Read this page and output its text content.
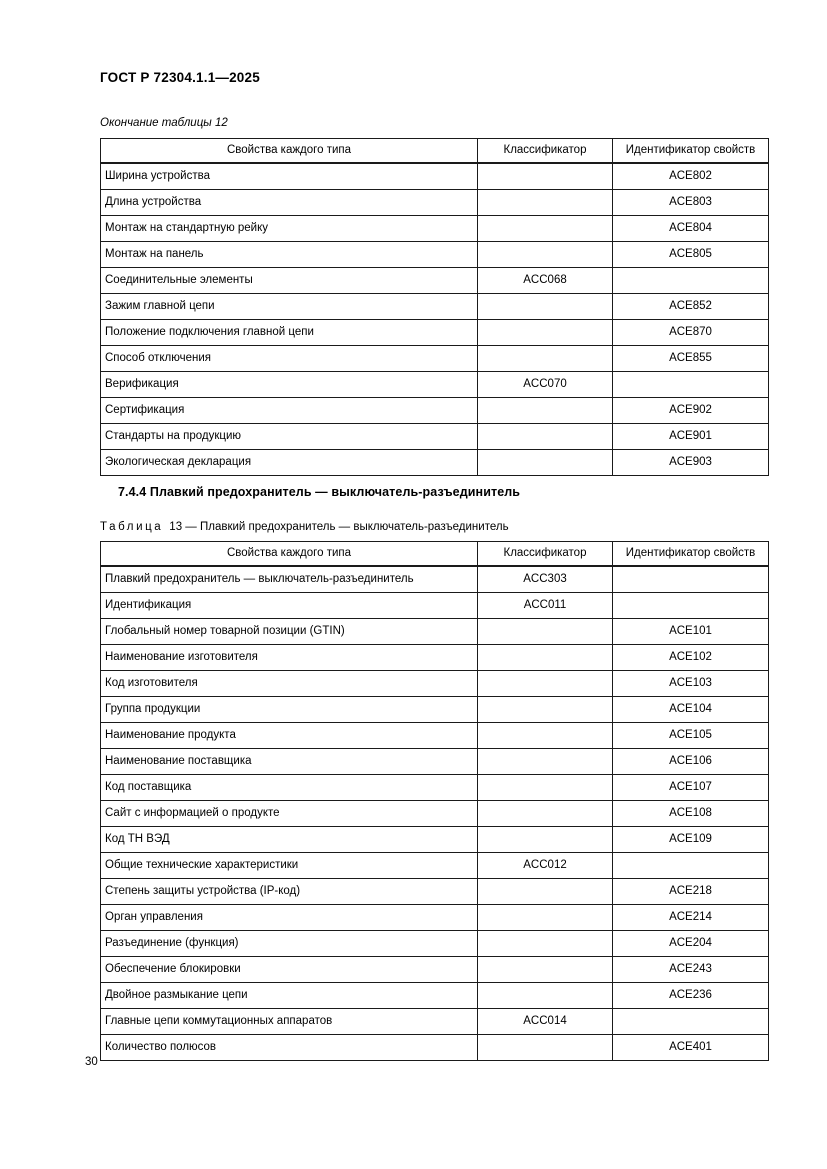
ГОСТ Р 72304.1.1—2025
Окончание таблицы 12
Свойства каждого типа	Классификатор	Идентификатор свойств
Ширина устройства		ACE802
Длина устройства		ACE803
Монтаж на стандартную рейку		ACE804
Монтаж на панель		ACE805
Соединительные элементы	ACC068	
Зажим главной цепи		ACE852
Положение подключения главной цепи		ACE870
Способ отключения		ACE855
Верификация	ACC070	
Сертификация		ACE902
Стандарты на продукцию		ACE901
Экологическая декларация		ACE903
7.4.4 Плавкий предохранитель — выключатель-разъединитель
Таблица 13 — Плавкий предохранитель — выключатель-разъединитель
Свойства каждого типа	Классификатор	Идентификатор свойств
Плавкий предохранитель — выключатель-разъединитель	ACC303	
Идентификация	ACC011	
Глобальный номер товарной позиции (GTIN)		ACE101
Наименование изготовителя		ACE102
Код изготовителя		ACE103
Группа продукции		ACE104
Наименование продукта		ACE105
Наименование поставщика		ACE106
Код поставщика		ACE107
Сайт с информацией о продукте		ACE108
Код ТН ВЭД		ACE109
Общие технические характеристики	ACC012	
Степень защиты устройства (IP-код)		ACE218
Орган управления		ACE214
Разъединение (функция)		ACE204
Обеспечение блокировки		ACE243
Двойное размыкание цепи		ACE236
Главные цепи коммутационных аппаратов	ACC014	
Количество полюсов		ACE401
30
